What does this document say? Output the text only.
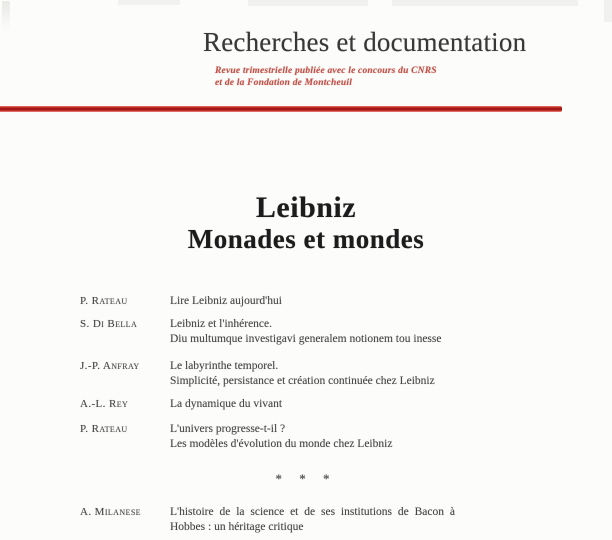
Recherches et documentation
Revue trimestrielle publiée avec le concours du CNRS
et de la Fondation de Montcheuil
Leibniz
Monades et mondes
P. Rateau	Lire Leibniz aujourd'hui
S. Di Bella	Leibniz et l'inhérence.
Diu multumque investigavi generalem notionem tou inesse
J.-P. Anfray	Le labyrinthe temporel.
Simplicité, persistance et création continuée chez Leibniz
A.-L. Rey	La dynamique du vivant
P. Rateau	L'univers progresse-t-il ?
Les modèles d'évolution du monde chez Leibniz
* * *
A. Milanese	L'histoire de la science et de ses institutions de Bacon à
Hobbes : un héritage critique
